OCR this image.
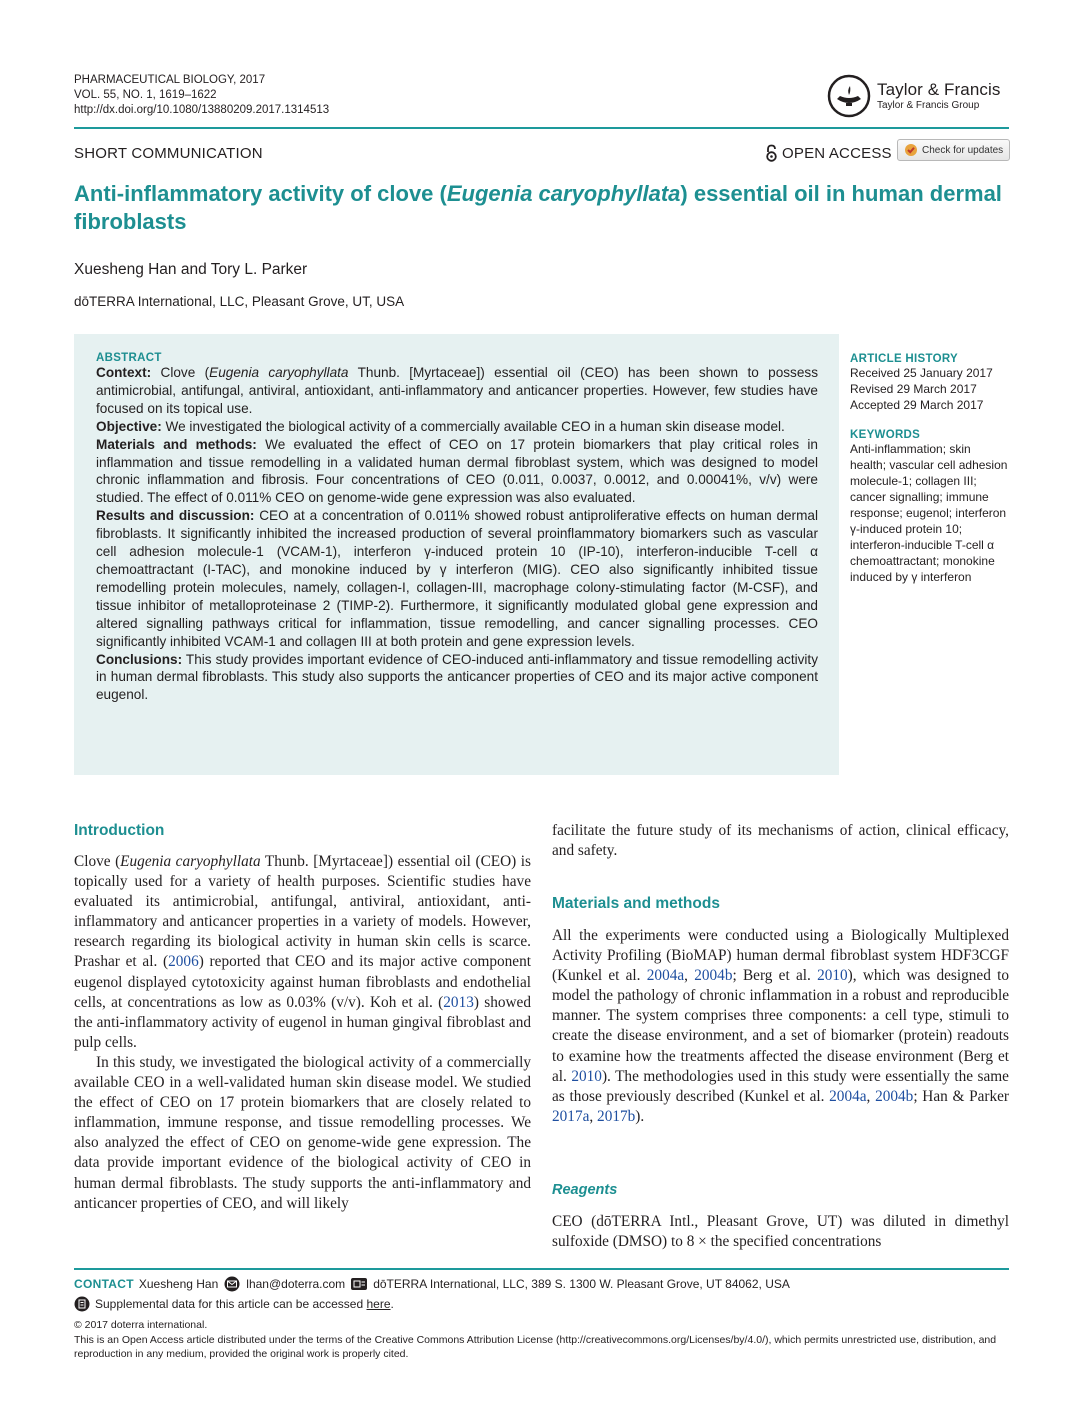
PHARMACEUTICAL BIOLOGY, 2017
VOL. 55, NO. 1, 1619–1622
http://dx.doi.org/10.1080/13880209.2017.1314513
Taylor & Francis
Taylor & Francis Group
SHORT COMMUNICATION	OPEN ACCESS	Check for updates
Anti-inflammatory activity of clove (Eugenia caryophyllata) essential oil in human dermal fibroblasts
Xuesheng Han and Tory L. Parker
dōTERRA International, LLC, Pleasant Grove, UT, USA
ABSTRACT

Context: Clove (Eugenia caryophyllata Thunb. [Myrtaceae]) essential oil (CEO) has been shown to possess antimicrobial, antifungal, antiviral, antioxidant, anti-inflammatory and anticancer properties. However, few studies have focused on its topical use.

Objective: We investigated the biological activity of a commercially available CEO in a human skin disease model.

Materials and methods: We evaluated the effect of CEO on 17 protein biomarkers that play critical roles in inflammation and tissue remodelling in a validated human dermal fibroblast system, which was designed to model chronic inflammation and fibrosis. Four concentrations of CEO (0.011, 0.0037, 0.0012, and 0.00041%, v/v) were studied. The effect of 0.011% CEO on genome-wide gene expression was also evaluated.

Results and discussion: CEO at a concentration of 0.011% showed robust antiproliferative effects on human dermal fibroblasts. It significantly inhibited the increased production of several proinflammatory biomarkers such as vascular cell adhesion molecule-1 (VCAM-1), interferon γ-induced protein 10 (IP-10), interferon-inducible T-cell α chemoattractant (I-TAC), and monokine induced by γ interferon (MIG). CEO also significantly inhibited tissue remodelling protein molecules, namely, collagen-I, collagen-III, macrophage colony-stimulating factor (M-CSF), and tissue inhibitor of metalloproteinase 2 (TIMP-2). Furthermore, it significantly modulated global gene expression and altered signalling pathways critical for inflammation, tissue remodelling, and cancer signalling processes. CEO significantly inhibited VCAM-1 and collagen III at both protein and gene expression levels.

Conclusions: This study provides important evidence of CEO-induced anti-inflammatory and tissue remodelling activity in human dermal fibroblasts. This study also supports the anticancer properties of CEO and its major active component eugenol.

ARTICLE HISTORY
Received 25 January 2017
Revised 29 March 2017
Accepted 29 March 2017
KEYWORDS
Anti-inflammation; skin health; vascular cell adhesion molecule-1; collagen III; cancer signalling; immune response; eugenol; interferon γ-induced protein 10; interferon-inducible T-cell α chemoattractant; monokine induced by γ interferon
Introduction

Clove (Eugenia caryophyllata Thunb. [Myrtaceae]) essential oil (CEO) is topically used for a variety of health purposes. Scientific studies have evaluated its antimicrobial, antifungal, antiviral, antioxidant, anti-inflammatory and anticancer properties in a variety of models. However, research regarding its biological activity in human skin cells is scarce. Prashar et al. (2006) reported that CEO and its major active component eugenol displayed cytotoxicity against human fibroblasts and endothelial cells, at concentrations as low as 0.03% (v/v). Koh et al. (2013) showed the anti-inflammatory activity of eugenol in human gingival fibroblast and pulp cells.

In this study, we investigated the biological activity of a commercially available CEO in a well-validated human skin disease model. We studied the effect of CEO on 17 protein biomarkers that are closely related to inflammation, immune response, and tissue remodelling processes. We also analyzed the effect of CEO on genome-wide gene expression. The data provide important evidence of the biological activity of CEO in human dermal fibroblasts. The study supports the anti-inflammatory and anticancer properties of CEO, and will likely

facilitate the future study of its mechanisms of action, clinical efficacy, and safety.
Materials and methods

All the experiments were conducted using a Biologically Multiplexed Activity Profiling (BioMAP) human dermal fibroblast system HDF3CGF (Kunkel et al. 2004a, 2004b; Berg et al. 2010), which was designed to model the pathology of chronic inflammation in a robust and reproducible manner. The system comprises three components: a cell type, stimuli to create the disease environment, and a set of biomarker (protein) readouts to examine how the treatments affected the disease environment (Berg et al. 2010). The methodologies used in this study were essentially the same as those previously described (Kunkel et al. 2004a, 2004b; Han & Parker 2017a, 2017b).

Reagents
CEO (dōTERRA Intl., Pleasant Grove, UT) was diluted in dimethyl sulfoxide (DMSO) to 8 × the specified concentrations
CONTACT Xuesheng Han lhan@doterra.com dōTERRA International, LLC, 389 S. 1300 W. Pleasant Grove, UT 84062, USA
Supplemental data for this article can be accessed here.
© 2017 doterra international.
This is an Open Access article distributed under the terms of the Creative Commons Attribution License (http://creativecommons.org/Licenses/by/4.0/), which permits unrestricted use, distribution, and reproduction in any medium, provided the original work is properly cited.
